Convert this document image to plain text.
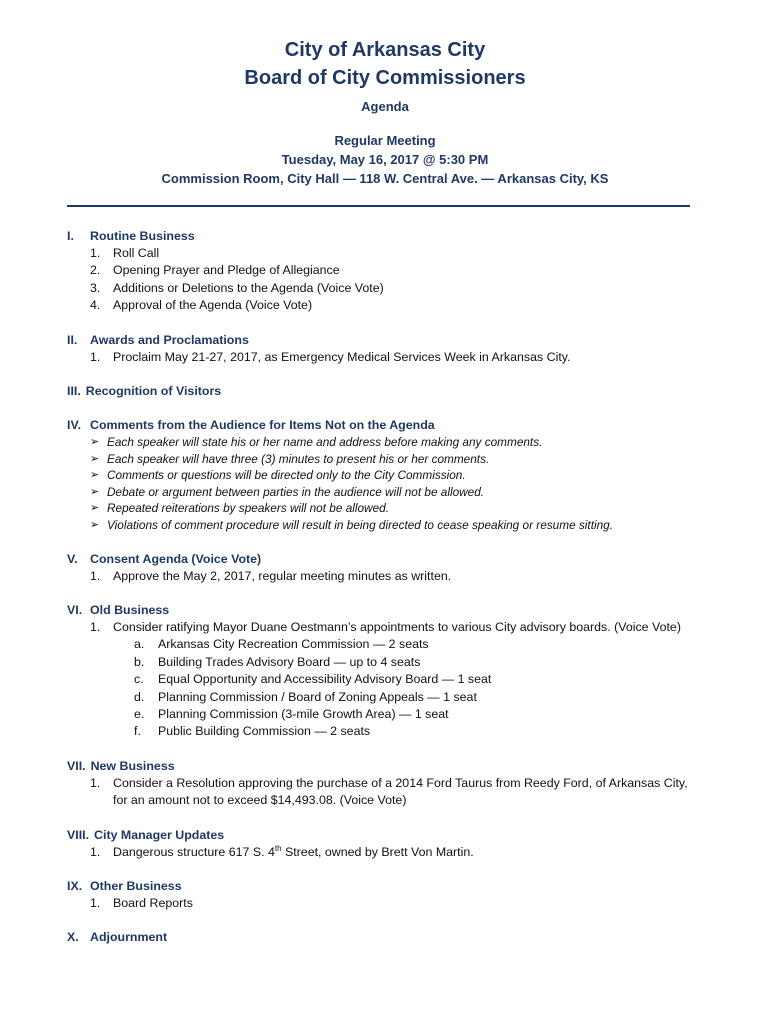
City of Arkansas City
Board of City Commissioners
Agenda
Regular Meeting
Tuesday, May 16, 2017 @ 5:30 PM
Commission Room, City Hall — 118 W. Central Ave. — Arkansas City, KS
I.	Routine Business
1.	Roll Call
2.	Opening Prayer and Pledge of Allegiance
3.	Additions or Deletions to the Agenda (Voice Vote)
4.	Approval of the Agenda (Voice Vote)
II.	Awards and Proclamations
1.	Proclaim May 21-27, 2017, as Emergency Medical Services Week in Arkansas City.
III. Recognition of Visitors
IV. Comments from the Audience for Items Not on the Agenda
➢ Each speaker will state his or her name and address before making any comments.
➢ Each speaker will have three (3) minutes to present his or her comments.
➢ Comments or questions will be directed only to the City Commission.
➢ Debate or argument between parties in the audience will not be allowed.
➢ Repeated reiterations by speakers will not be allowed.
➢ Violations of comment procedure will result in being directed to cease speaking or resume sitting.
V.	Consent Agenda (Voice Vote)
1.	Approve the May 2, 2017, regular meeting minutes as written.
VI. Old Business
1.	Consider ratifying Mayor Duane Oestmann’s appointments to various City advisory boards. (Voice Vote)
a.	Arkansas City Recreation Commission — 2 seats
b.	Building Trades Advisory Board — up to 4 seats
c.	Equal Opportunity and Accessibility Advisory Board — 1 seat
d.	Planning Commission / Board of Zoning Appeals — 1 seat
e.	Planning Commission (3-mile Growth Area) — 1 seat
f.	Public Building Commission — 2 seats
VII. New Business
1.	Consider a Resolution approving the purchase of a 2014 Ford Taurus from Reedy Ford, of Arkansas City,
for an amount not to exceed $14,493.08. (Voice Vote)
VIII. City Manager Updates
1.	Dangerous structure 617 S. 4th Street, owned by Brett Von Martin.
IX. Other Business
1.	Board Reports
X. Adjournment
